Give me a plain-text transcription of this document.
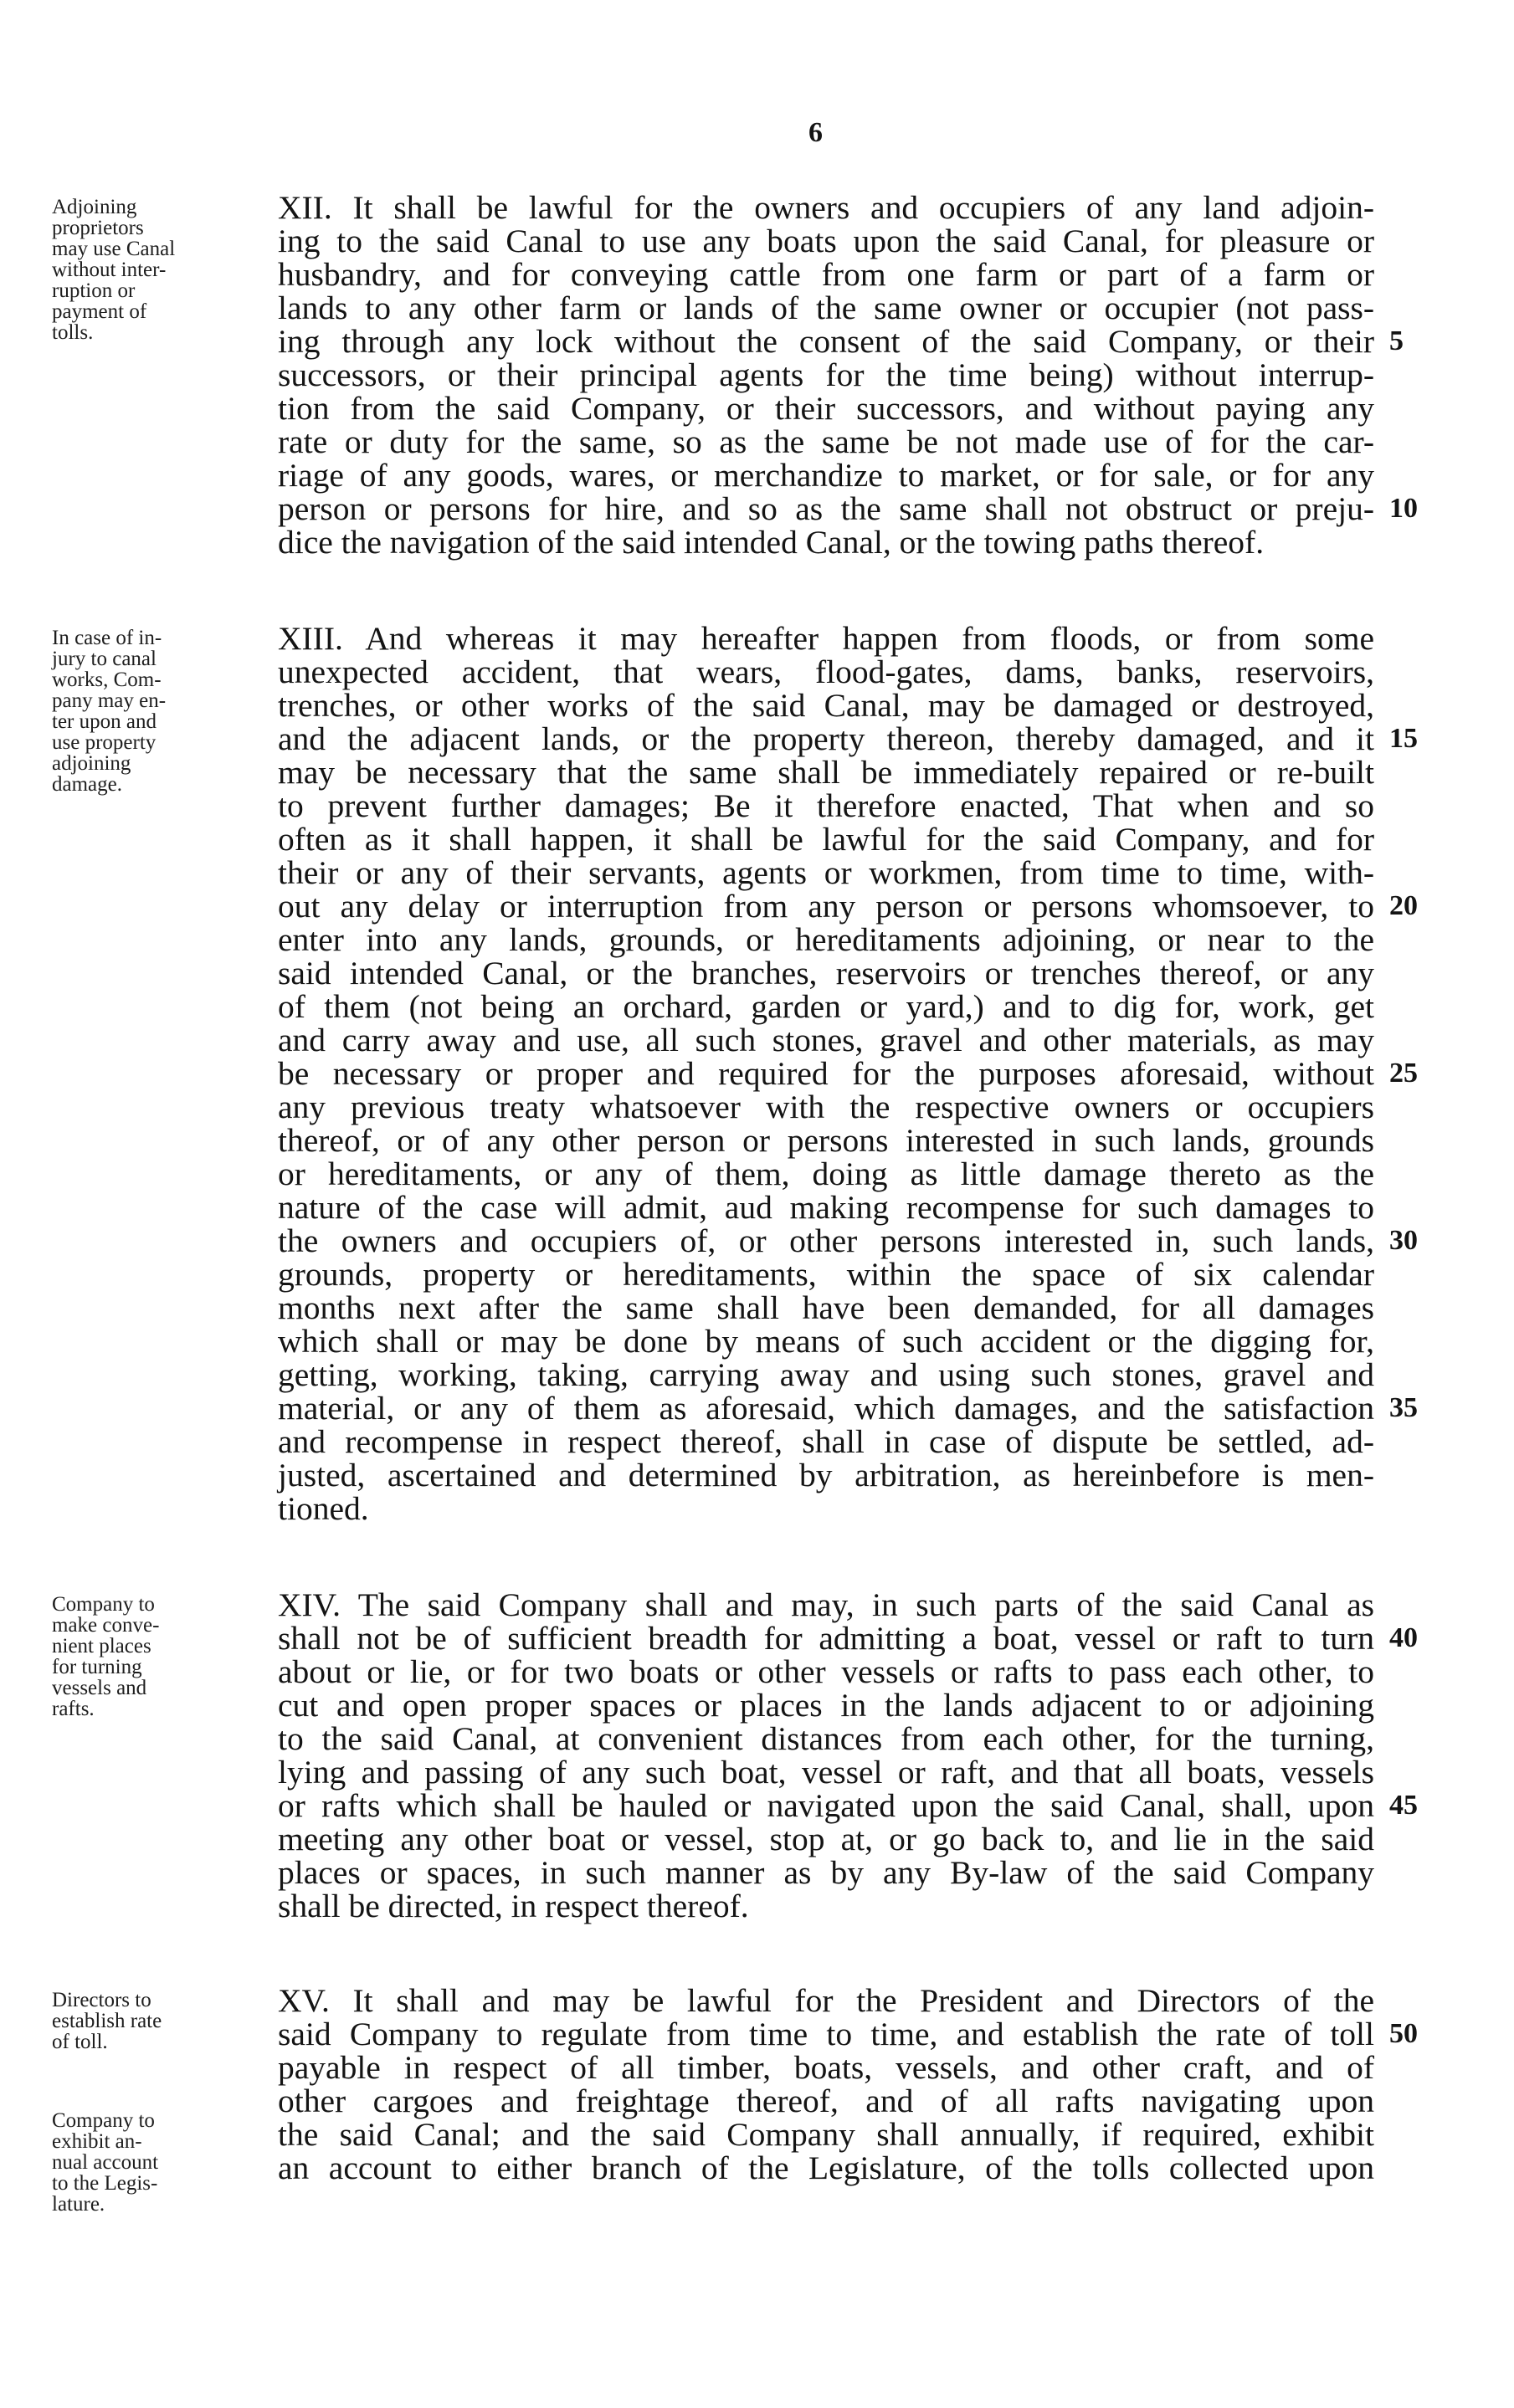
6
Adjoining
proprietors
may use Canal
without inter-
ruption or
payment of
tolls.
XII. It shall be lawful for the owners and occupiers of any land adjoin-
ing to the said Canal to use any boats upon the said Canal, for pleasure or
husbandry, and for conveying cattle from one farm or part of a farm or
lands to any other farm or lands of the same owner or occupier (not pass-
ing through any lock without the consent of the said Company, or their
successors, or their principal agents for the time being) without interrup-
tion from the said Company, or their successors, and without paying any
rate or duty for the same, so as the same be not made use of for the car-
riage of any goods, wares, or merchandize to market, or for sale, or for any
person or persons for hire, and so as the same shall not obstruct or preju-
dice the navigation of the said intended Canal, or the towing paths thereof.
In case of in-
jury to canal
works, Com-
pany may en-
ter upon and
use property
adjoining
damage.
XIII. And whereas it may hereafter happen from floods, or from some
unexpected accident, that wears, flood-gates, dams, banks, reservoirs,
trenches, or other works of the said Canal, may be damaged or destroyed,
and the adjacent lands, or the property thereon, thereby damaged, and it
may be necessary that the same shall be immediately repaired or re-built
to prevent further damages; Be it therefore enacted, That when and so
often as it shall happen, it shall be lawful for the said Company, and for
their or any of their servants, agents or workmen, from time to time, with-
out any delay or interruption from any person or persons whomsoever, to
enter into any lands, grounds, or hereditaments adjoining, or near to the
said intended Canal, or the branches, reservoirs or trenches thereof, or any
of them (not being an orchard, garden or yard,) and to dig for, work, get
and carry away and use, all such stones, gravel and other materials, as may
be necessary or proper and required for the purposes aforesaid, without
any previous treaty whatsoever with the respective owners or occupiers
thereof, or of any other person or persons interested in such lands, grounds
or hereditaments, or any of them, doing as little damage thereto as the
nature of the case will admit, aud making recompense for such damages to
the owners and occupiers of, or other persons interested in, such lands,
grounds, property or hereditaments, within the space of six calendar
months next after the same shall have been demanded, for all damages
which shall or may be done by means of such accident or the digging for,
getting, working, taking, carrying away and using such stones, gravel and
material, or any of them as aforesaid, which damages, and the satisfaction
and recompense in respect thereof, shall in case of dispute be settled, ad-
justed, ascertained and determined by arbitration, as hereinbefore is men-
tioned.
Company to
make conve-
nient places
for turning
vessels and
rafts.
XIV. The said Company shall and may, in such parts of the said Canal as
shall not be of sufficient breadth for admitting a boat, vessel or raft to turn
about or lie, or for two boats or other vessels or rafts to pass each other, to
cut and open proper spaces or places in the lands adjacent to or adjoining
to the said Canal, at convenient distances from each other, for the turning,
lying and passing of any such boat, vessel or raft, and that all boats, vessels
or rafts which shall be hauled or navigated upon the said Canal, shall, upon
meeting any other boat or vessel, stop at, or go back to, and lie in the said
places or spaces, in such manner as by any By-law of the said Company
shall be directed, in respect thereof.
Directors to
establish rate
of toll.
Company to
exhibit an-
nual account
to the Legis-
lature.
XV. It shall and may be lawful for the President and Directors of the
said Company to regulate from time to time, and establish the rate of toll
payable in respect of all timber, boats, vessels, and other craft, and of
other cargoes and freightage thereof, and of all rafts navigating upon
the said Canal; and the said Company shall annually, if required, exhibit
an account to either branch of the Legislature, of the tolls collected upon
5
10
15
20
25
30
35
40
45
50
